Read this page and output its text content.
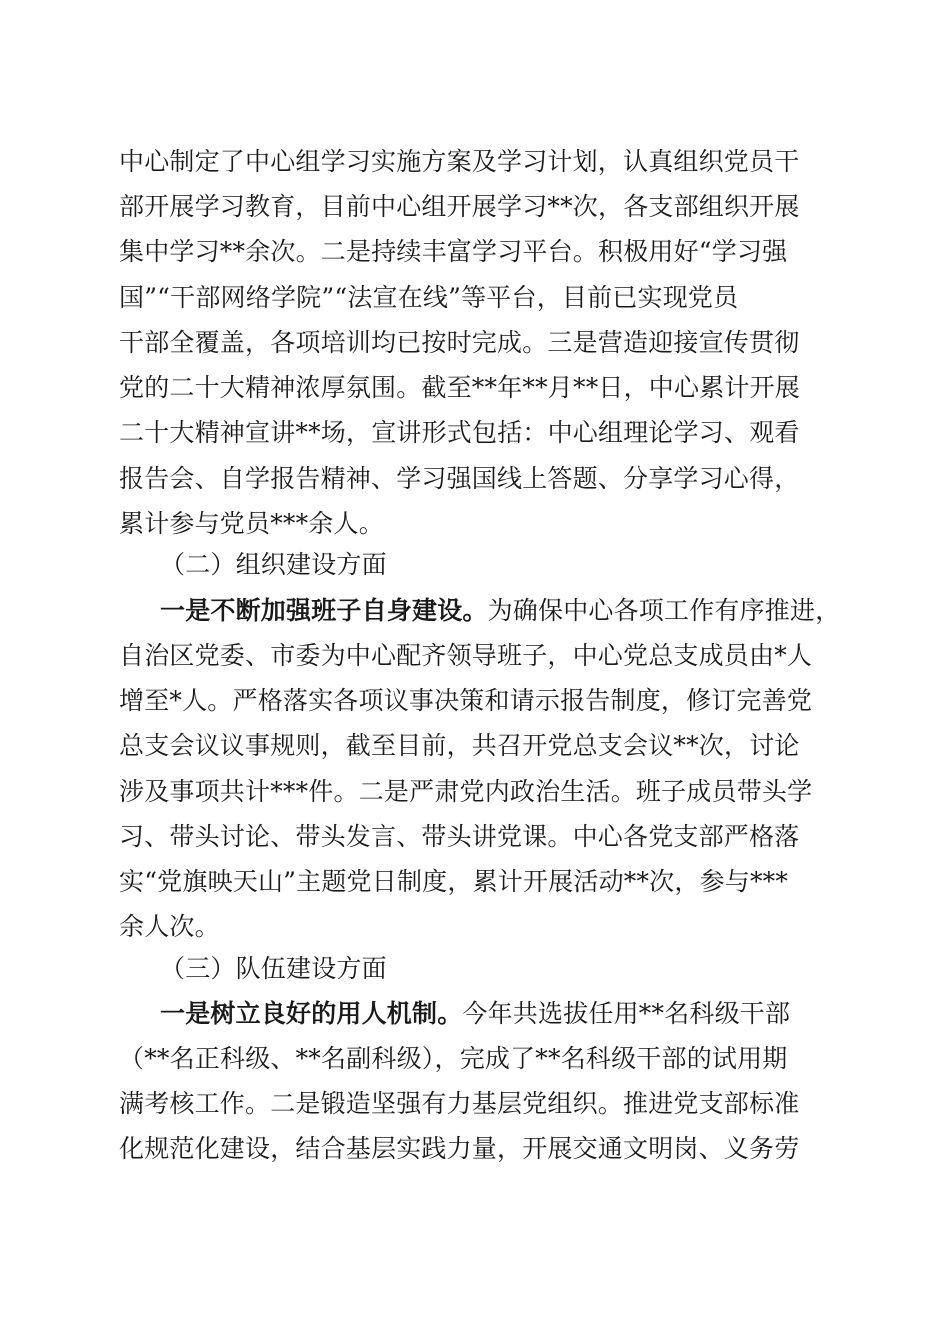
中心制定了中心组学习实施方案及学习计划，认真组织党员干
部开展学习教育，目前中心组开展学习**次，各支部组织开展
集中学习**余次。二是持续丰富学习平台。积极用好“学习强
国”“干部网络学院”“法宣在线”等平台，目前已实现党员
干部全覆盖，各项培训均已按时完成。三是营造迎接宣传贯彻
党的二十大精神浓厚氛围。截至**年**月**日，中心累计开展
二十大精神宣讲**场，宣讲形式包括：中心组理论学习、观看
报告会、自学报告精神、学习强国线上答题、分享学习心得，
累计参与党员***余人。
（二）组织建设方面
一是不断加强班子自身建设。为确保中心各项工作有序推进，
自治区党委、市委为中心配齐领导班子，中心党总支成员由*人
增至*人。严格落实各项议事决策和请示报告制度，修订完善党
总支会议议事规则，截至目前，共召开党总支会议**次，讨论
涉及事项共计***件。二是严肃党内政治生活。班子成员带头学
习、带头讨论、带头发言、带头讲党课。中心各党支部严格落
实“党旗映天山”主题党日制度，累计开展活动**次，参与***
余人次。
（三）队伍建设方面
一是树立良好的用人机制。今年共选拔任用**名科级干部
（**名正科级、**名副科级），完成了**名科级干部的试用期
满考核工作。二是锻造坚强有力基层党组织。推进党支部标准
化规范化建设，结合基层实践力量，开展交通文明岗、义务劳
